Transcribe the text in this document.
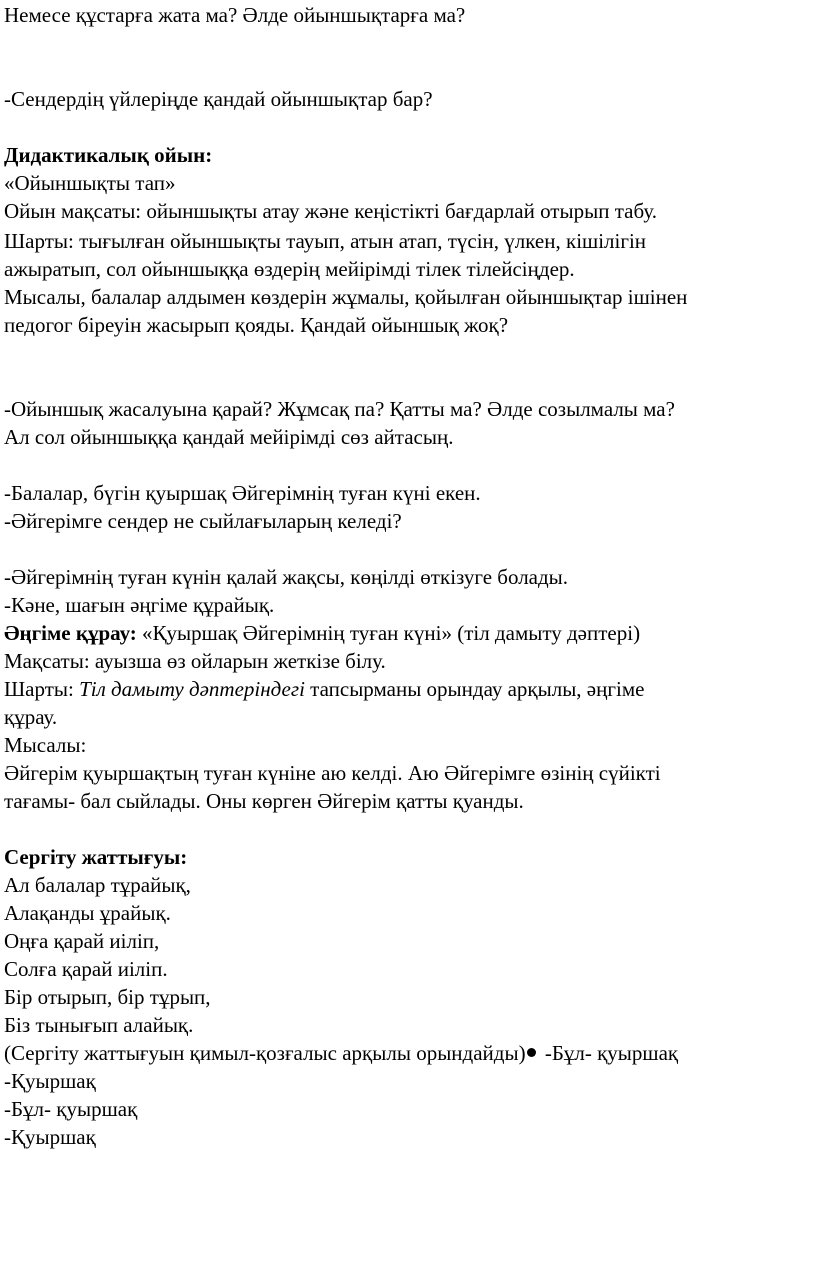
Немесе құстарға жата ма? Әлде ойыншықтарға ма?
-Сендердің үйлеріңде қандай ойыншықтар бар?
Дидактикалық ойын:
«Ойыншықты тап»
Ойын мақсаты: ойыншықты атау және кеңістікті бағдарлай отырып табу.
Шарты: тығылған ойыншықты тауып, атын атап, түсін, үлкен, кішілігін
ажыратып, сол ойыншыққа өздерің мейірімді тілек тілейсіңдер.
Мысалы, балалар алдымен көздерін жұмалы, қойылған ойыншықтар ішінен
педогог біреуін жасырып қояды. Қандай ойыншық жоқ?
-Ойыншық жасалуына қарай? Жұмсақ па? Қатты ма? Әлде созылмалы ма?
Ал сол ойыншыққа қандай мейірімді сөз айтасың.
-Балалар, бүгін қуыршақ Әйгерімнің туған күні екен.
-Әйгерімге сендер не сыйлағыларың келеді?
-Әйгерімнің туған күнін қалай жақсы, көңілді өткізуге болады.
-Кәне, шағын әңгіме құрайық.
Әңгіме құрау: «Қуыршақ Әйгерімнің туған күні» (тіл дамыту дәптері)
Мақсаты: ауызша өз ойларын жеткізе білу.
Шарты: Тіл дамыту дәптеріндегі тапсырманы орындау арқылы, әңгіме
құрау.
Мысалы:
Әйгерім қуыршақтың туған күніне аю келді. Аю Әйгерімге өзінің сүйікті
тағамы- бал сыйлады. Оны көрген Әйгерім қатты қуанды.
Сергіту жаттығуы:
Ал балалар тұрайық,
Алақанды ұрайық.
Оңға қарай иіліп,
Солға қарай иіліп.
Бір отырып, бір тұрып,
Біз тынығып алайық.
(Сергіту жаттығуын қимыл-қозғалыс арқылы орындайды) -Бұл- қуыршақ
-Қуыршақ
-Бұл- қуыршақ
-Қуыршақ
